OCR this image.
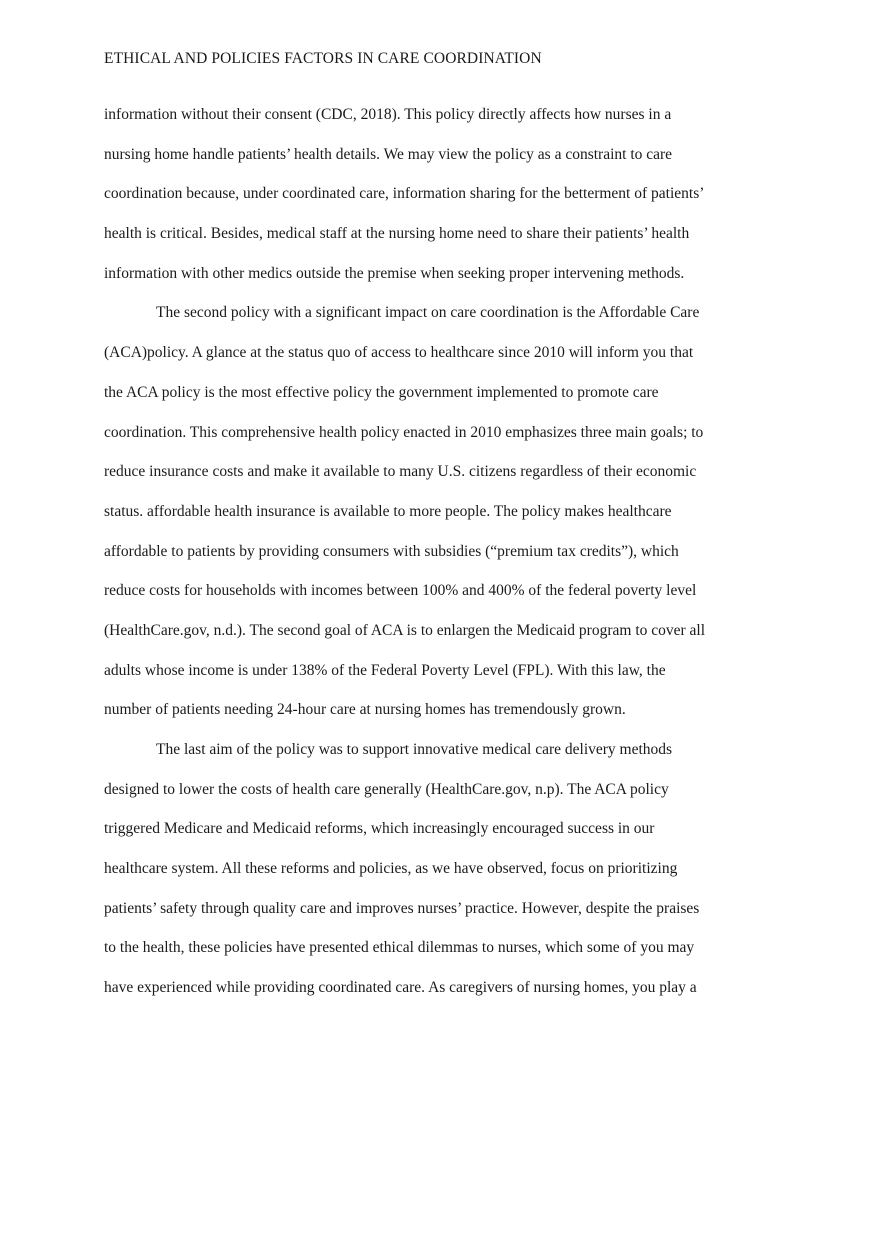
ETHICAL AND POLICIES FACTORS IN CARE COORDINATION
information without their consent (CDC, 2018). This policy directly affects how nurses in a
nursing home handle patients’ health details. We may view the policy as a constraint to care
coordination because, under coordinated care, information sharing for the betterment of patients’
health is critical. Besides, medical staff at the nursing home need to share their patients’ health
information with other medics outside the premise when seeking proper intervening methods.
The second policy with a significant impact on care coordination is the Affordable Care
(ACA)policy. A glance at the status quo of access to healthcare since 2010 will inform you that
the ACA policy is the most effective policy the government implemented to promote care
coordination. This comprehensive health policy enacted in 2010 emphasizes three main goals; to
reduce insurance costs and make it available to many U.S. citizens regardless of their economic
status. affordable health insurance is available to more people. The policy makes healthcare
affordable to patients by providing consumers with subsidies (“premium tax credits”), which
reduce costs for households with incomes between 100% and 400% of the federal poverty level
(HealthCare.gov, n.d.). The second goal of ACA is to enlargen the Medicaid program to cover all
adults whose income is under 138% of the Federal Poverty Level (FPL). With this law, the
number of patients needing 24-hour care at nursing homes has tremendously grown.
The last aim of the policy was to support innovative medical care delivery methods
designed to lower the costs of health care generally (HealthCare.gov, n.p). The ACA policy
triggered Medicare and Medicaid reforms, which increasingly encouraged success in our
healthcare system. All these reforms and policies, as we have observed, focus on prioritizing
patients’ safety through quality care and improves nurses’ practice. However, despite the praises
to the health, these policies have presented ethical dilemmas to nurses, which some of you may
have experienced while providing coordinated care. As caregivers of nursing homes, you play a
